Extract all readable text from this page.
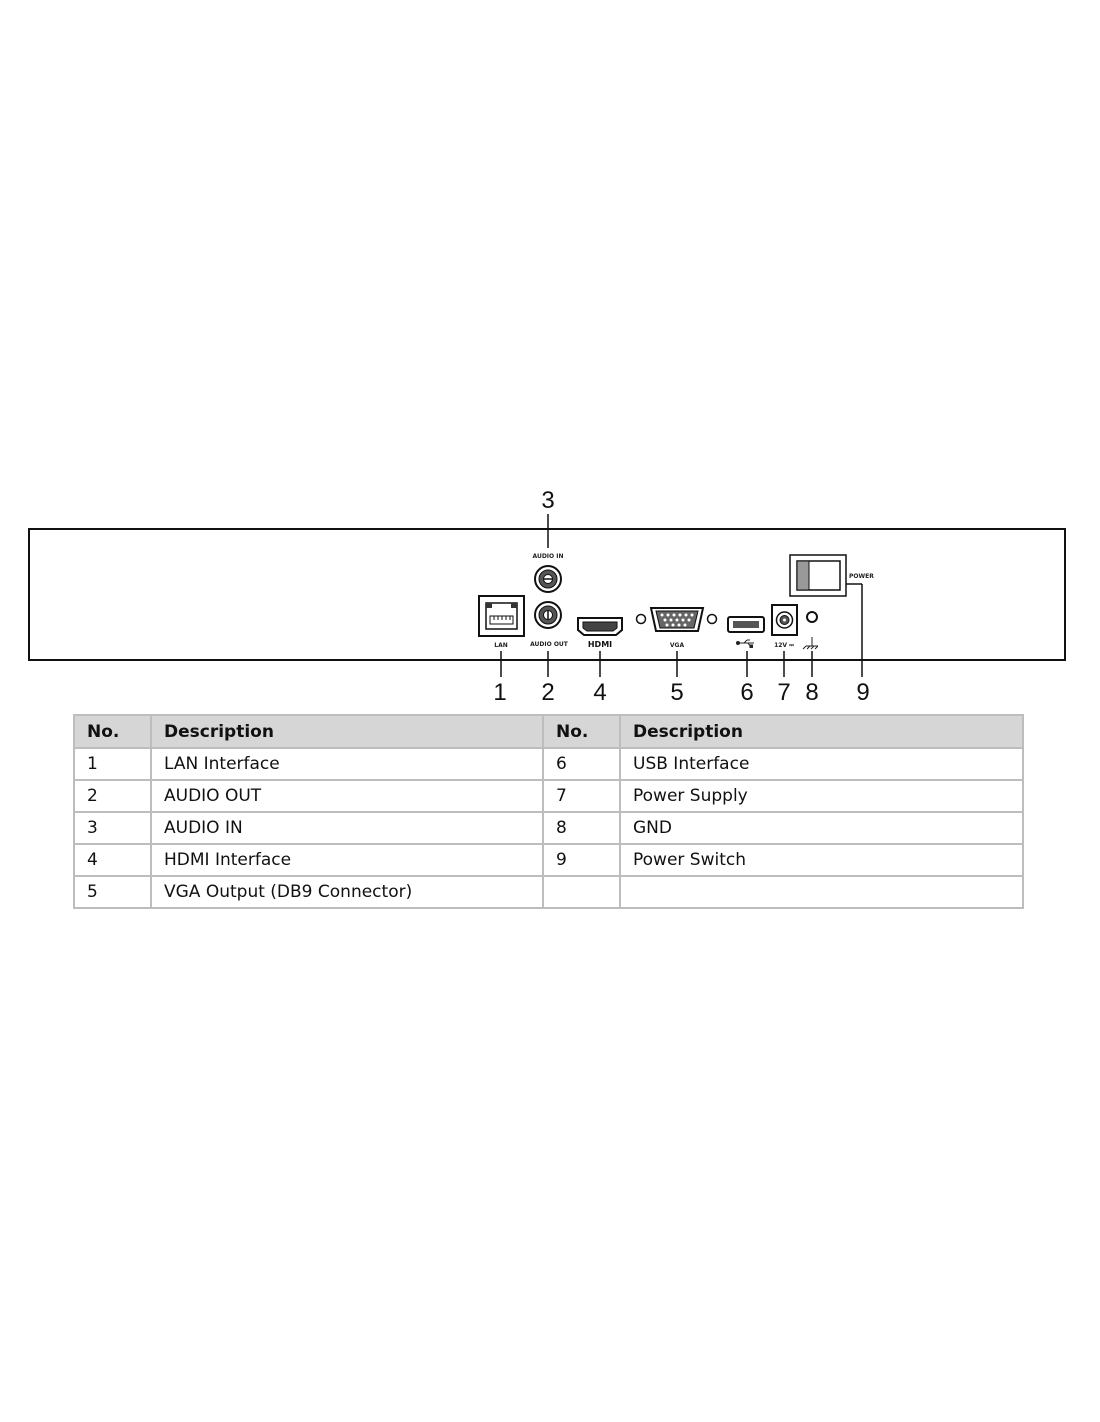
LAN
AUDIO IN
AUDIO OUT HDMI	VGA	12V ⎓
POWER
3
1 2 4	5 6 7 8 9
No.	Description	No.	Description
1	LAN Interface	6	USB Interface
2	AUDIO OUT	7	Power Supply
3	AUDIO IN	8	GND
4	HDMI Interface	9	Power Switch
5	VGA Output (DB9 Connector)		
